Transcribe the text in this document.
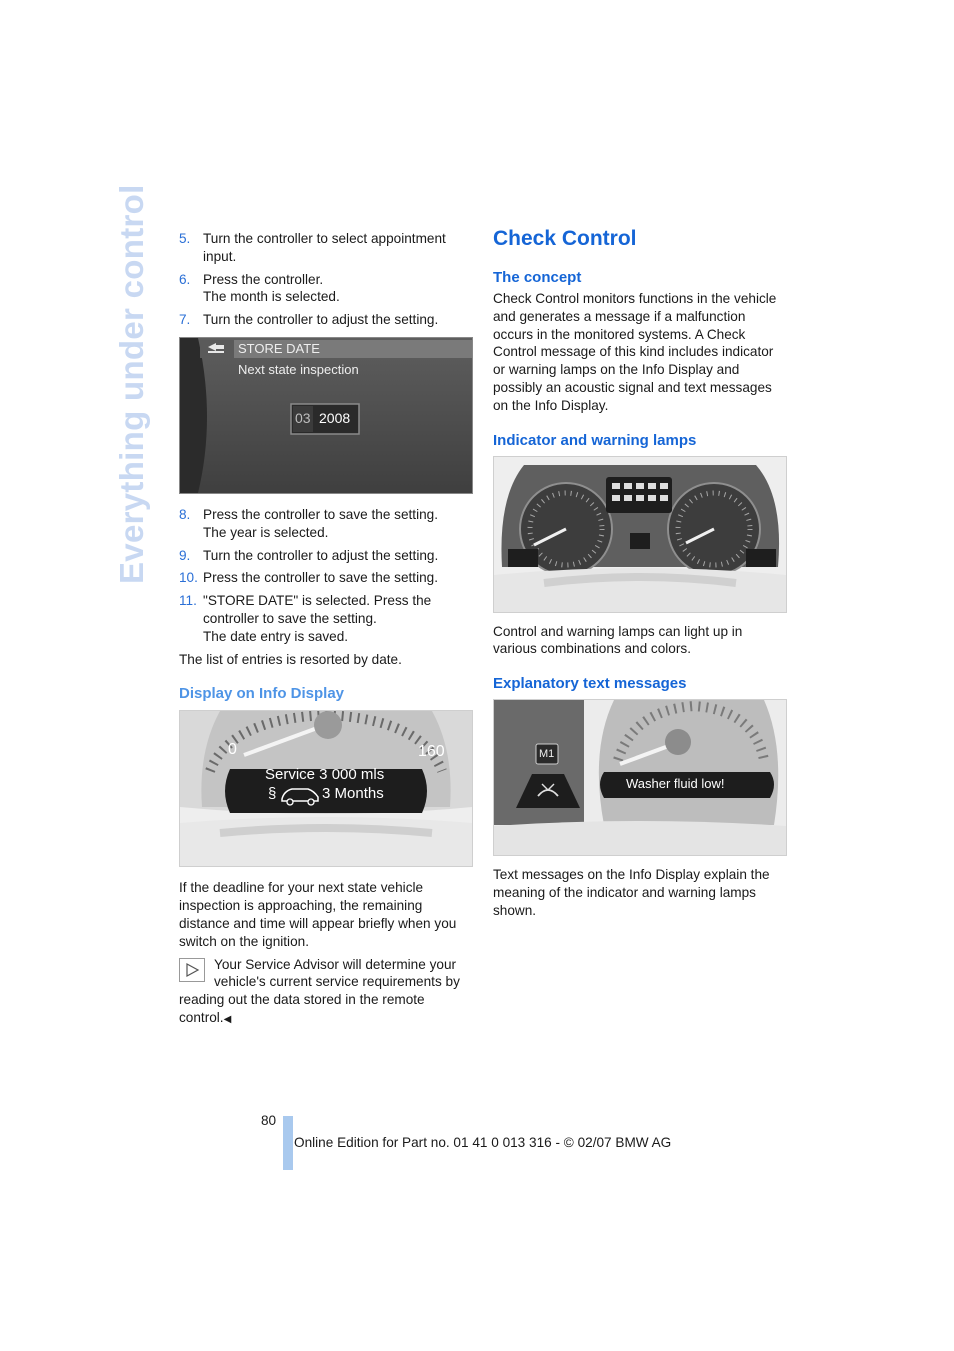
Everything under control 5. Turn the controller to select appointment input.
6. Press the controller.
The month is selected.
7. Turn the controller to adjust the setting.
STORE DATE
Next state inspection
03 2008
8. Press the controller to save the setting.
The year is selected.
9. Turn the controller to adjust the setting.
10. Press the controller to save the setting.
11. "STORE DATE" is selected. Press the controller to save the setting.
The date entry is saved.

The list of entries is resorted by date.

Display on Info Display
0	160
Service 3 000 mls
§	3 Months

If the deadline for your next state vehicle inspection is approaching, the remaining distance and time will appear briefly when you switch on the ignition.

Your Service Advisor will determine your vehicle's current service requirements by reading out the data stored in the remote control.◀
Check Control
The concept

Check Control monitors functions in the vehicle and generates a message if a malfunction occurs in the monitored systems. A Check Control message of this kind includes indicator or warning lamps on the Info Display and possibly an acoustic signal and text messages on the Info Display.

Indicator and warning lamps

Control and warning lamps can light up in various combinations and colors.

Explanatory text messages
M1
Washer fluid low!

Text messages on the Info Display explain the meaning of the indicator and warning lamps shown.

80
Online Edition for Part no. 01 41 0 013 316 - © 02/07 BMW AG
